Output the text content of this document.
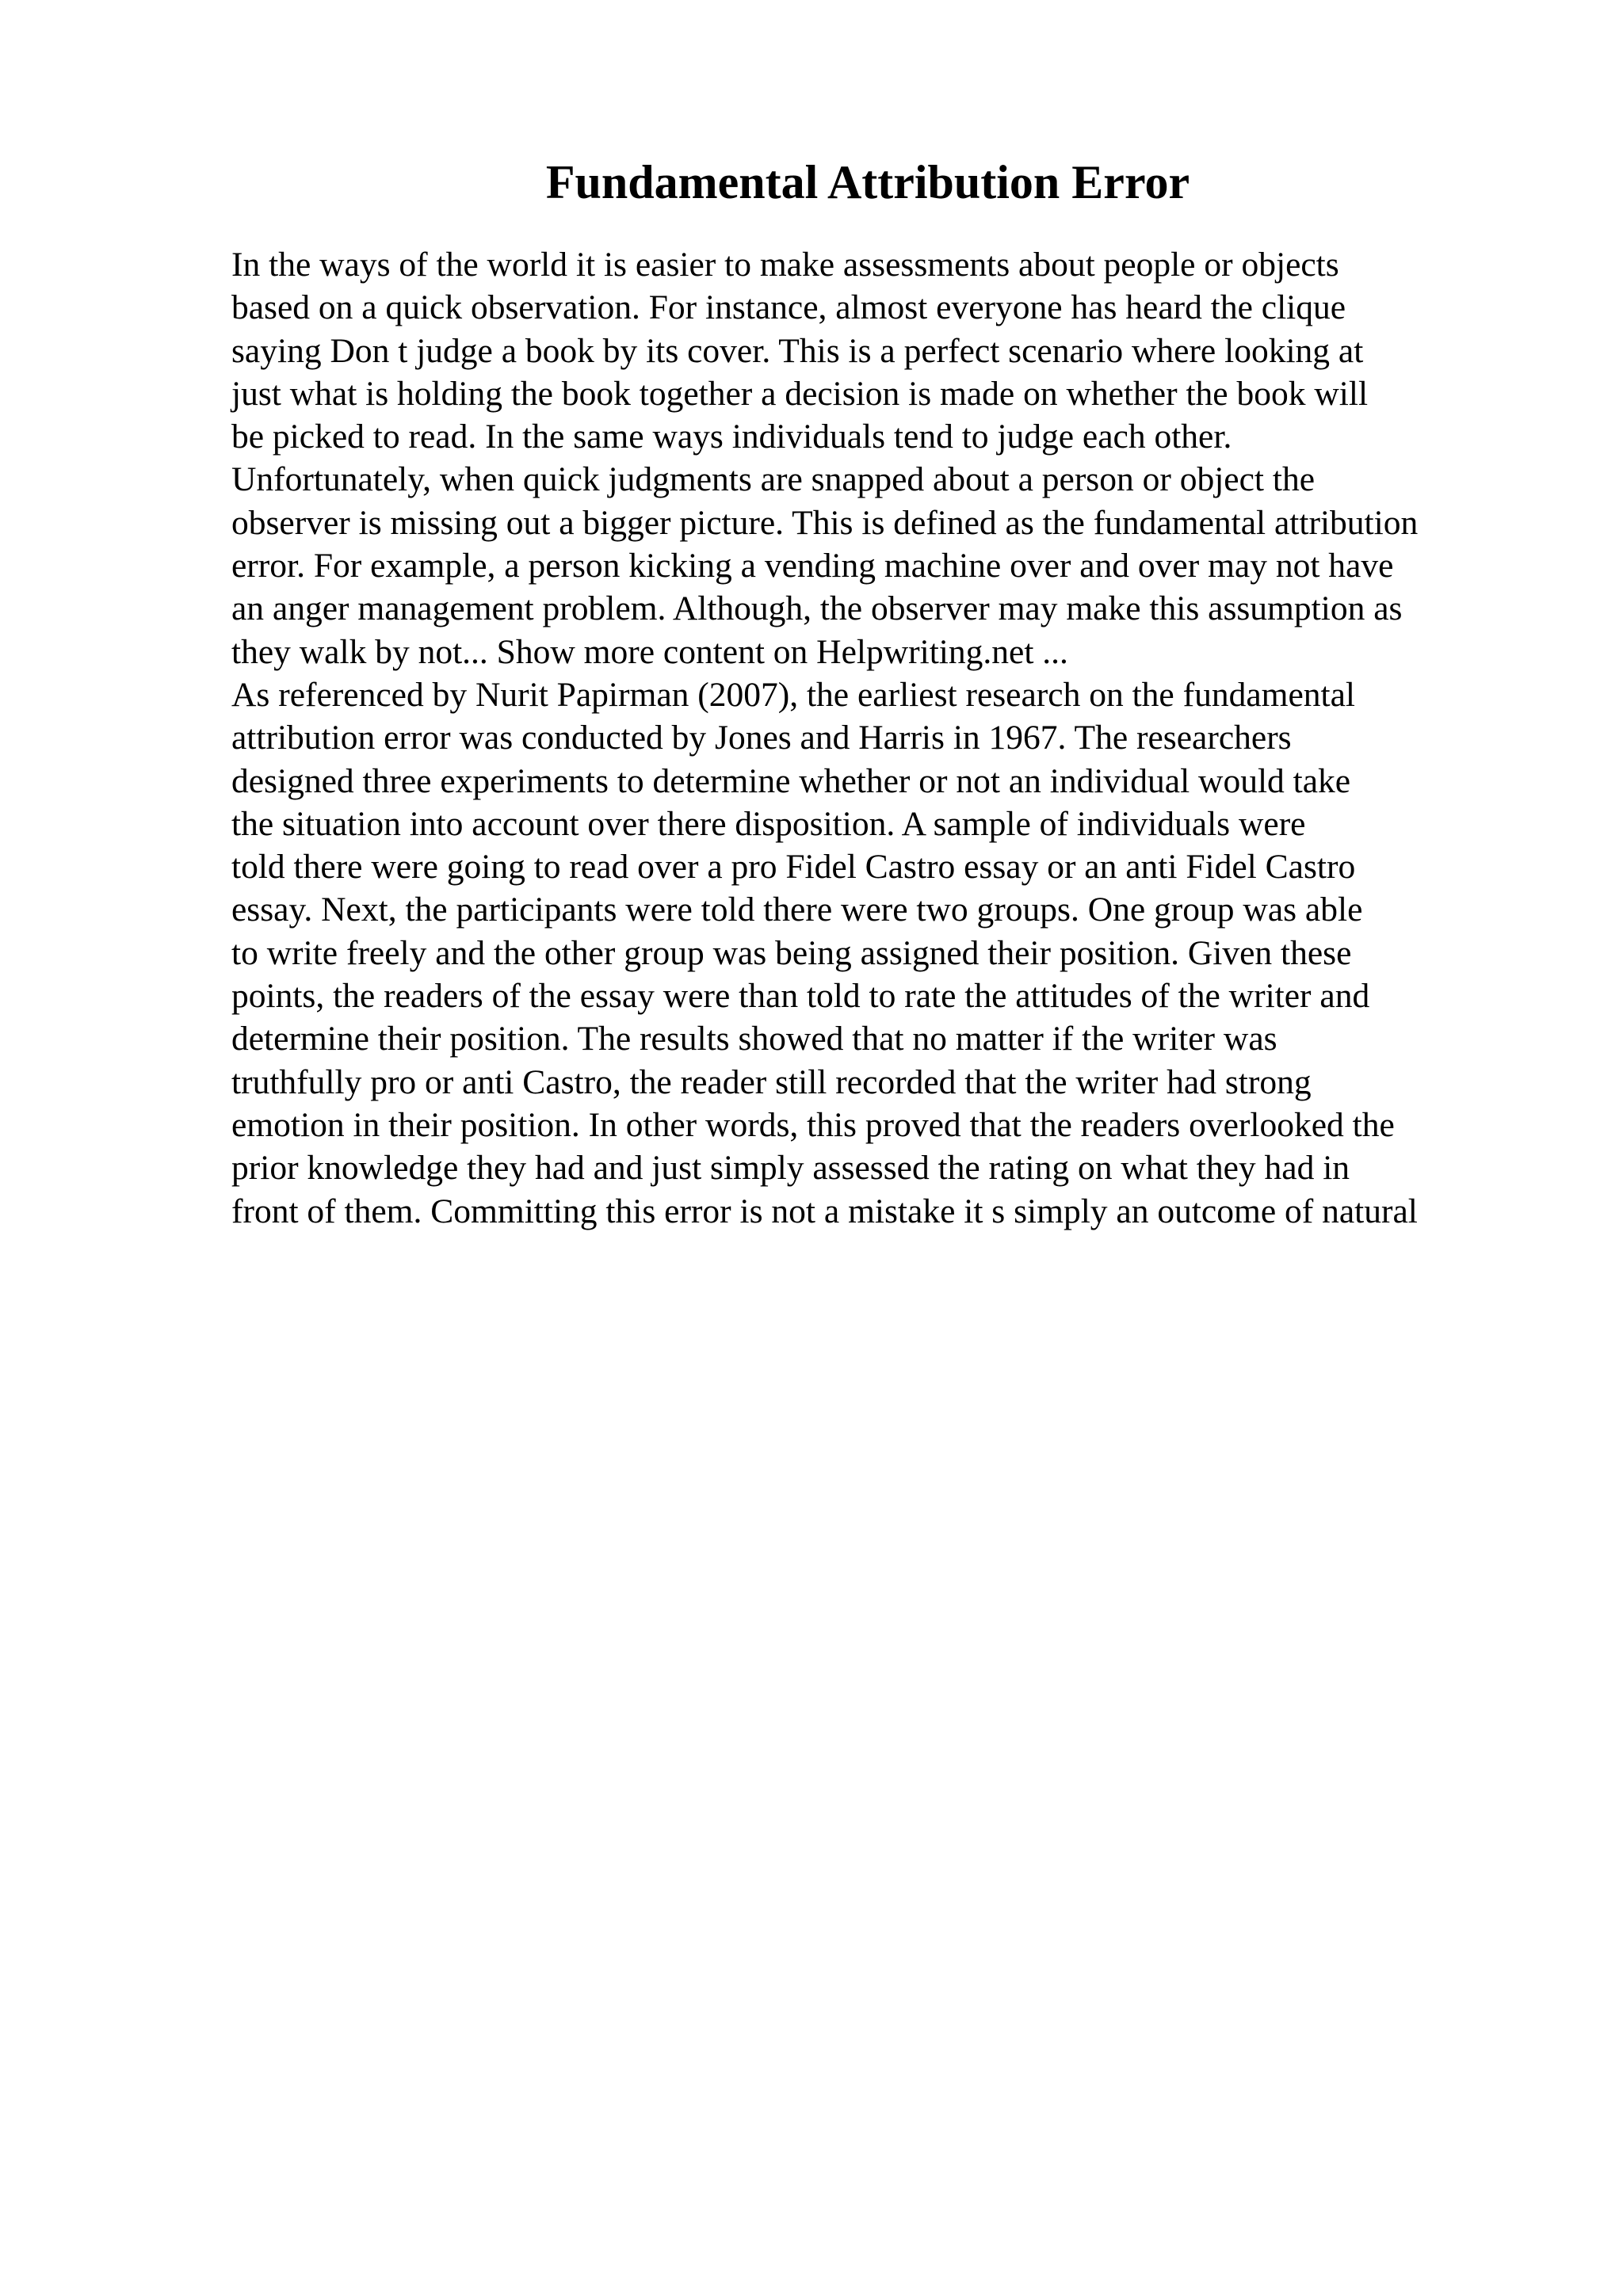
Fundamental Attribution Error
In the ways of the world it is easier to make assessments about people or objects
based on a quick observation. For instance, almost everyone has heard the clique
saying Don t judge a book by its cover. This is a perfect scenario where looking at
just what is holding the book together a decision is made on whether the book will
be picked to read. In the same ways individuals tend to judge each other.
Unfortunately, when quick judgments are snapped about a person or object the
observer is missing out a bigger picture. This is defined as the fundamental attribution
error. For example, a person kicking a vending machine over and over may not have
an anger management problem. Although, the observer may make this assumption as
they walk by not... Show more content on Helpwriting.net ...
As referenced by Nurit Papirman (2007), the earliest research on the fundamental
attribution error was conducted by Jones and Harris in 1967. The researchers
designed three experiments to determine whether or not an individual would take
the situation into account over there disposition. A sample of individuals were
told there were going to read over a pro Fidel Castro essay or an anti Fidel Castro
essay. Next, the participants were told there were two groups. One group was able
to write freely and the other group was being assigned their position. Given these
points, the readers of the essay were than told to rate the attitudes of the writer and
determine their position. The results showed that no matter if the writer was
truthfully pro or anti Castro, the reader still recorded that the writer had strong
emotion in their position. In other words, this proved that the readers overlooked the
prior knowledge they had and just simply assessed the rating on what they had in
front of them. Committing this error is not a mistake it s simply an outcome of natural
